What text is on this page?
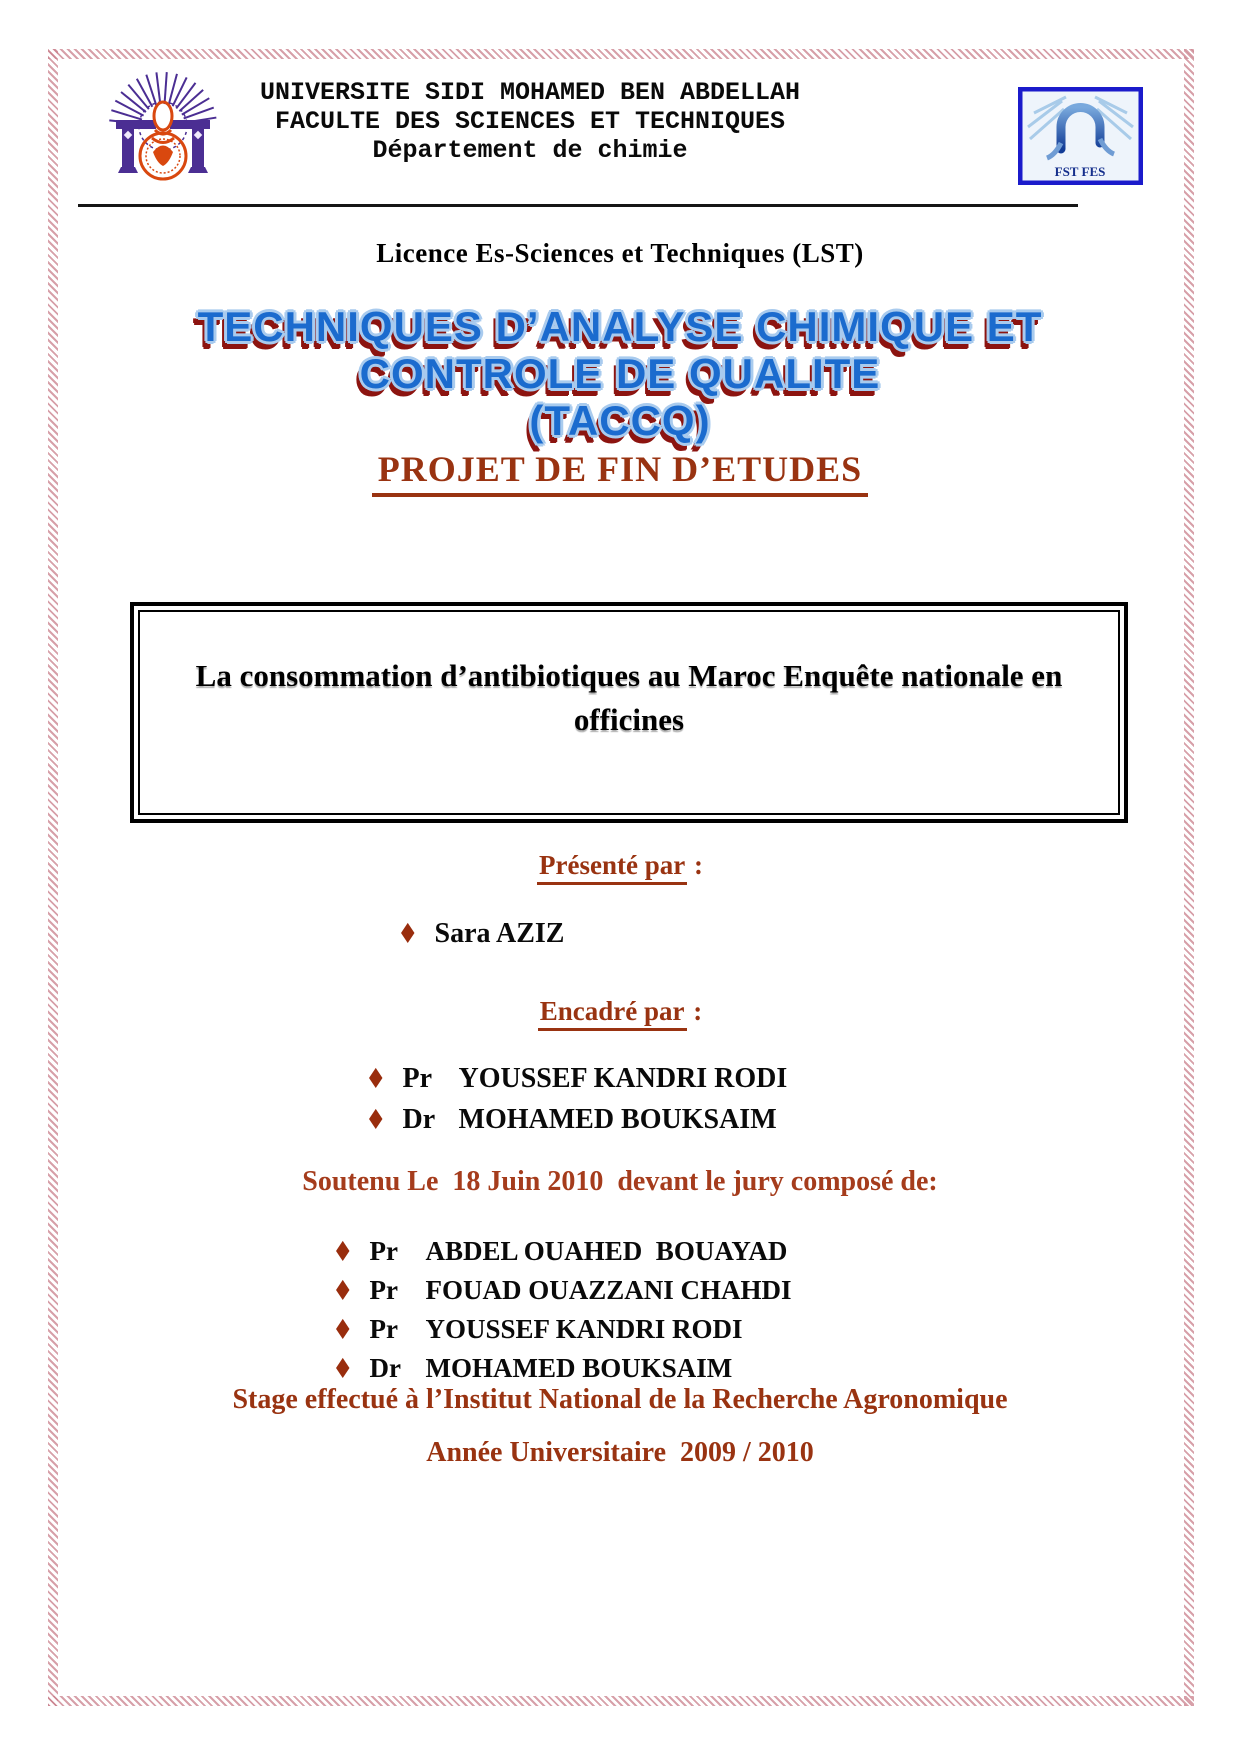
UNIVERSITE SIDI MOHAMED BEN ABDELLAH
FACULTE DES SCIENCES ET TECHNIQUES
Département de chimie
FST FES
Licence Es-Sciences et Techniques (LST)
TECHNIQUES D’ANALYSE CHIMIQUE ET
CONTROLE DE QUALITE
(TACCQ)
PROJET DE FIN D’ETUDES
La consommation d’antibiotiques au Maroc Enquête nationale en officines
Présenté par :
♦ Sara AZIZ
Encadré par :
♦ Pr YOUSSEF KANDRI RODI
♦ Dr MOHAMED BOUKSAIM
Soutenu Le  18 Juin 2010  devant le jury composé de:
♦ Pr	ABDEL OUAHED  BOUAYAD
♦ Pr	FOUAD OUAZZANI CHAHDI
♦ Pr	YOUSSEF KANDRI RODI
♦ Dr MOHAMED BOUKSAIM
Stage effectué à l’Institut National de la Recherche Agronomique
Année Universitaire  2009 / 2010
